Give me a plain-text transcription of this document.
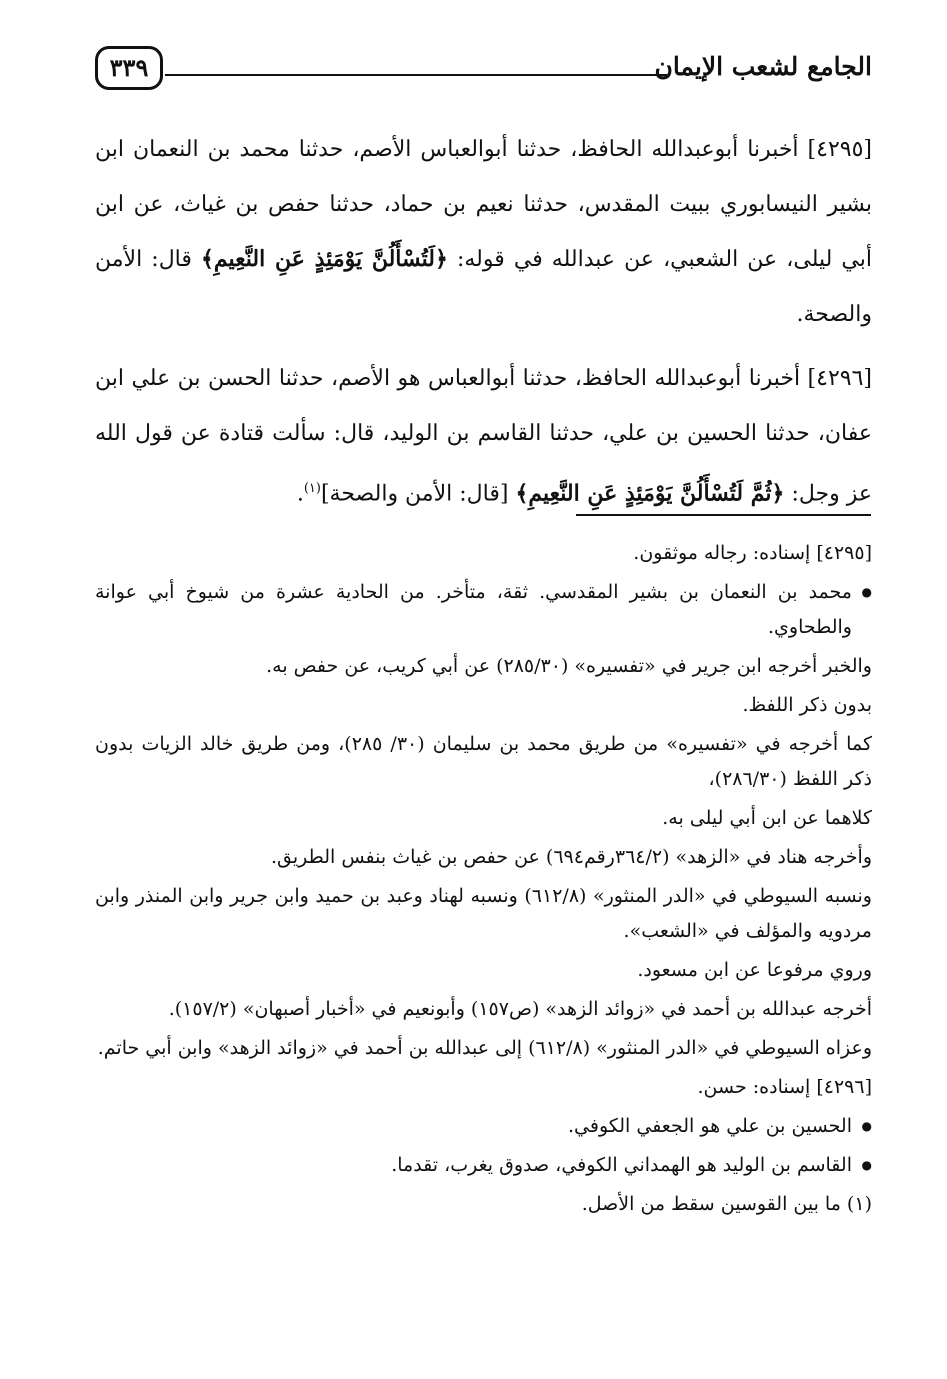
الجامع لشعب الإيمان
٣٣٩

[٤٢٩٥] أخبرنا أبوعبدالله الحافظ، حدثنا أبوالعباس الأصم، حدثنا محمد بن النعمان ابن بشير النيسابوري ببيت المقدس، حدثنا نعيم بن حماد، حدثنا حفص بن غياث، عن ابن أبي ليلى، عن الشعبي، عن عبدالله في قوله: ﴿لَتُسْأَلُنَّ يَوْمَئِذٍ عَنِ النَّعِيمِ﴾ قال: الأمن والصحة.

[٤٢٩٦] أخبرنا أبوعبدالله الحافظ، حدثنا أبوالعباس هو الأصم، حدثنا الحسن بن علي ابن عفان، حدثنا الحسين بن علي، حدثنا القاسم بن الوليد، قال: سألت قتادة عن قول الله عز وجل: ﴿ثُمَّ لَتُسْأَلُنَّ يَوْمَئِذٍ عَنِ النَّعِيمِ﴾ [قال: الأمن والصحة]$^{(١)}$.

[٤٢٩٥] إسناده: رجاله موثقون.

● محمد بن النعمان بن بشير المقدسي. ثقة، متأخر. من الحادية عشرة من شيوخ أبي عوانة والطحاوي.

والخبر أخرجه ابن جرير في «تفسيره» (٢٨٥/٣٠) عن أبي كريب، عن حفص به.

بدون ذكر اللفظ.

كما أخرجه في «تفسيره» من طريق محمد بن سليمان (٣٠/ ٢٨٥)، ومن طريق خالد الزيات بدون ذكر اللفظ (٢٨٦/٣٠)،

كلاهما عن ابن أبي ليلى به.

وأخرجه هناد في «الزهد» (٣٦٤/٢رقم٦٩٤) عن حفص بن غياث بنفس الطريق.

ونسبه السيوطي في «الدر المنثور» (٦١٢/٨) ونسبه لهناد وعبد بن حميد وابن جرير وابن المنذر وابن مردويه والمؤلف في «الشعب».

وروي مرفوعا عن ابن مسعود.

أخرجه عبدالله بن أحمد في «زوائد الزهد» (ص١٥٧) وأبونعيم في «أخبار أصبهان» (١٥٧/٢).

وعزاه السيوطي في «الدر المنثور» (٦١٢/٨) إلى عبدالله بن أحمد في «زوائد الزهد» وابن أبي حاتم.

[٤٢٩٦] إسناده: حسن.

● الحسين بن علي هو الجعفي الكوفي.

● القاسم بن الوليد هو الهمداني الكوفي، صدوق يغرب، تقدما.

(١) ما بين القوسين سقط من الأصل.
